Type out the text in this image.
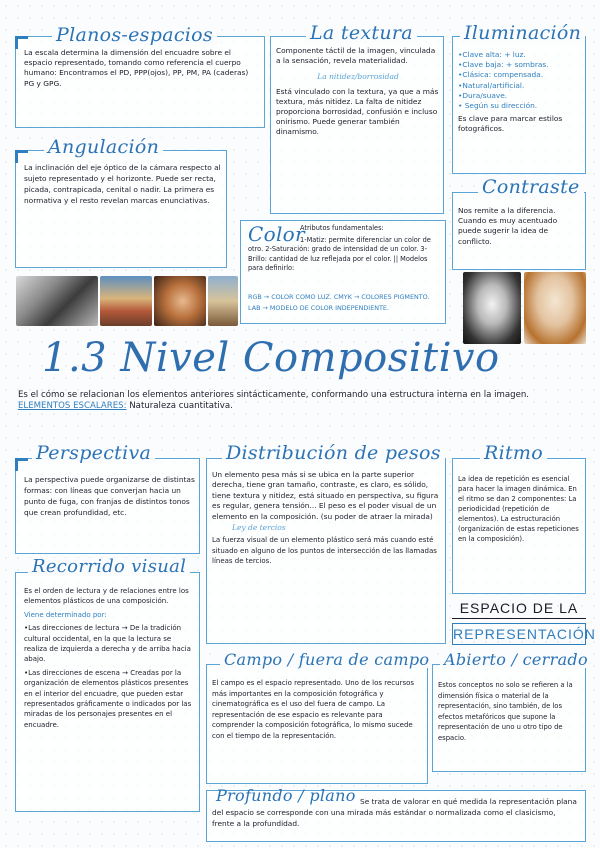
Planos-espacios
La escala determina la dimensión del encuadre sobre el espacio representado, tomando como referencia el cuerpo humano: Encontramos el PD, PPP(ojos), PP, PM, PA (caderas) PG y GPG.
La textura

Componente táctil de la imagen, vinculada a la sensación, revela materialidad.

La nitidez/borrosidad

Está vinculado con la textura, ya que a más textura, más nitidez. La falta de nitidez proporciona borrosidad, confusión e incluso onirismo. Puede generar también dinamismo.

Iluminación
•Clave alta: + luz.
•Clave baja: + sombras.
•Clásica: compensada.
•Natural/artificial.
•Dura/suave.
• Según su dirección.

Es clave para marcar estilos fotográficos.

Angulación
La inclinación del eje óptico de la cámara respecto al sujeto representado y el horizonte. Puede ser recta, picada, contrapicada, cenital o nadir. La primera es normativa y el resto revelan marcas enunciativas.
Contraste
Nos remite a la diferencia. Cuando es muy acentuado puede sugerir la idea de conflicto.
Color

Atributos fundamentales:

1-Matiz: permite diferenciar un color de otro. 2-Saturación: grado de intensidad de un color. 3-Brillo: cantidad de luz reflejada por el color. || Modelos para definirlo:

RGB → COLOR COMO LUZ. CMYK → COLORES PIGMENTO.

LAB → MODELO DE COLOR INDEPENDIENTE.

1.3 Nivel Compositivo

Es el cómo se relacionan los elementos anteriores sintácticamente, conformando una estructura interna en la imagen.

ELEMENTOS ESCALARES: Naturaleza cuantitativa.

Perspectiva
La perspectiva puede organizarse de distintas formas: con líneas que converjan hacia un punto de fuga, con franjas de distintos tonos que crean profundidad, etc.
Distribución de pesos

Un elemento pesa más si se ubica en la parte superior derecha, tiene gran tamaño, contraste, es claro, es sólido, tiene textura y nitidez, está situado en perspectiva, su figura es regular, genera tensión... El peso es el poder visual de un elemento en la composición. (su poder de atraer la mirada)

Ley de tercios

La fuerza visual de un elemento plástico será más cuando esté situado en alguno de los puntos de intersección de las llamadas líneas de tercios.

Ritmo
La idea de repetición es esencial para hacer la imagen dinámica. En el ritmo se dan 2 componentes: La periodicidad (repetición de elementos). La estructuración (organización de estas repeticiones en la composición).
Recorrido visual

Es el orden de lectura y de relaciones entre los elementos plásticos de una composición.

Viene determinado por:

•Las direcciones de lectura → De la tradición cultural occidental, en la que la lectura se realiza de izquierda a derecha y de arriba hacia abajo.

•Las direcciones de escena → Creadas por la organización de elementos plásticos presentes en el interior del encuadre, que pueden estar representados gráficamente o indicados por las miradas de los personajes presentes en el encuadre.

ESPACIO DE LA
REPRESENTACIÓN
Campo / fuera de campo
El campo es el espacio representado. Uno de los recursos más importantes en la composición fotográfica y cinematográfica es el uso del fuera de campo. La representación de ese espacio es relevante para comprender la composición fotográfica, lo mismo sucede con el tiempo de la representación.
Abierto / cerrado
Estos conceptos no solo se refieren a la dimensión física o material de la representación, sino también, de los efectos metafóricos que supone la representación de uno u otro tipo de espacio.
Profundo / plano Se trata de valorar en qué medida la representación plana del espacio se corresponde con una mirada más estándar o normalizada como el clasicismo, frente a la profundidad.
